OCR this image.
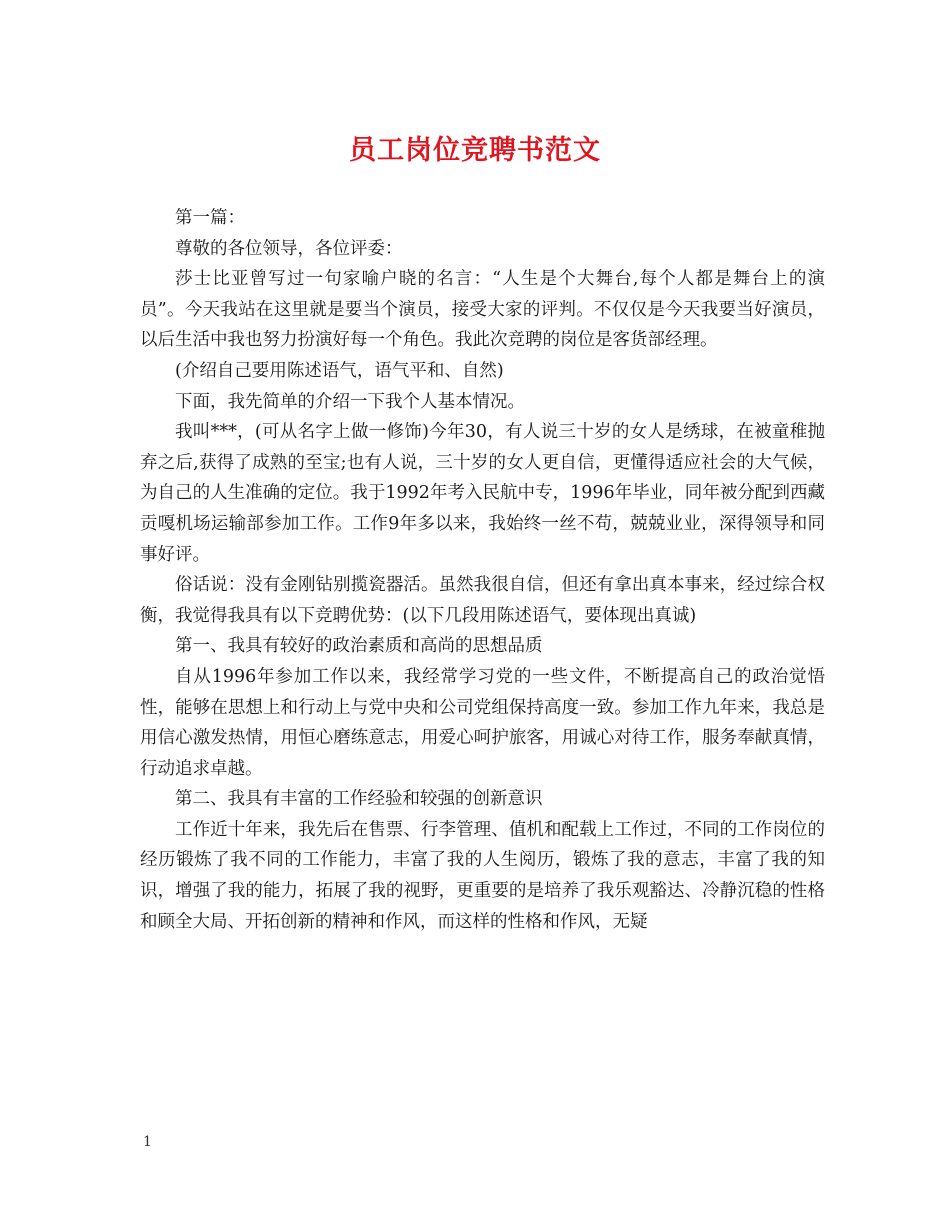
员工岗位竞聘书范文

第一篇：

尊敬的各位领导，各位评委：

莎士比亚曾写过一句家喻户晓的名言：“人生是个大舞台,每个人都是舞台上的演员”。今天我站在这里就是要当个演员，接受大家的评判。不仅仅是今天我要当好演员，以后生活中我也努力扮演好每一个角色。我此次竞聘的岗位是客货部经理。

(介绍自己要用陈述语气，语气平和、自然)

下面，我先简单的介绍一下我个人基本情况。

我叫***，(可从名字上做一修饰)今年30，有人说三十岁的女人是绣球，在被童稚抛弃之后,获得了成熟的至宝;也有人说，三十岁的女人更自信，更懂得适应社会的大气候，为自己的人生准确的定位。我于1992年考入民航中专，1996年毕业，同年被分配到西藏贡嘎机场运输部参加工作。工作9年多以来，我始终一丝不苟，兢兢业业，深得领导和同事好评。

俗话说：没有金刚钻别揽瓷器活。虽然我很自信，但还有拿出真本事来，经过综合权衡，我觉得我具有以下竞聘优势：(以下几段用陈述语气，要体现出真诚)

第一、我具有较好的政治素质和高尚的思想品质

自从1996年参加工作以来，我经常学习党的一些文件，不断提高自己的政治觉悟性，能够在思想上和行动上与党中央和公司党组保持高度一致。参加工作九年来，我总是用信心激发热情，用恒心磨练意志，用爱心呵护旅客，用诚心对待工作，服务奉献真情，行动追求卓越。

第二、我具有丰富的工作经验和较强的创新意识

工作近十年来，我先后在售票、行李管理、值机和配载上工作过，不同的工作岗位的经历锻炼了我不同的工作能力，丰富了我的人生阅历，锻炼了我的意志，丰富了我的知识，增强了我的能力，拓展了我的视野，更重要的是培养了我乐观豁达、冷静沉稳的性格和顾全大局、开拓创新的精神和作风，而这样的性格和作风，无疑

1
